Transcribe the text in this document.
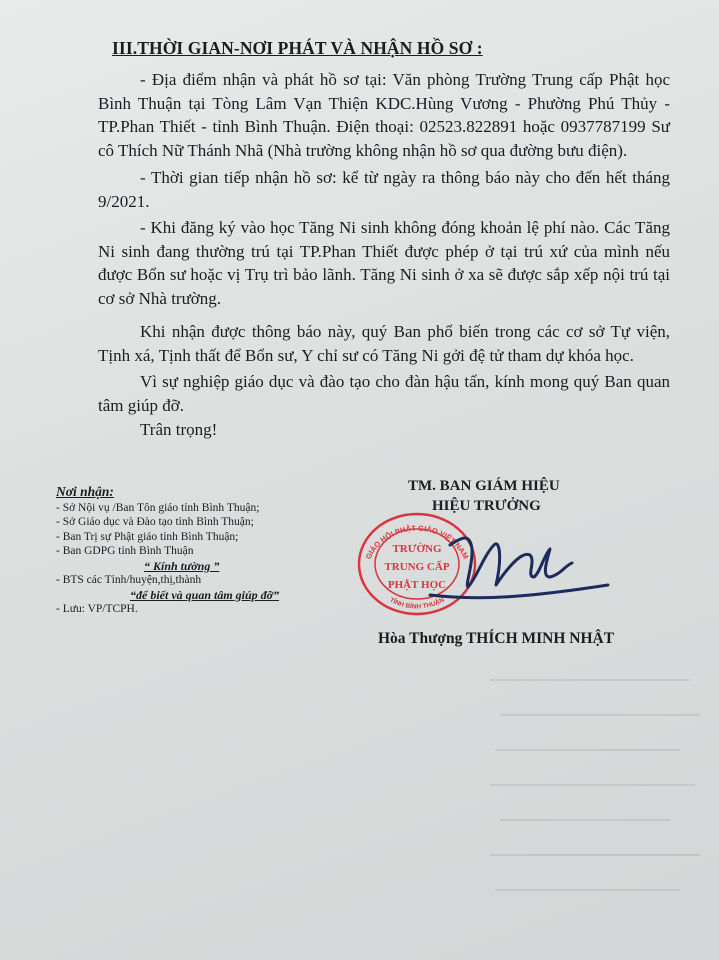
III.THỜI GIAN-NƠI PHÁT VÀ NHẬN HỒ SƠ :
- Địa điểm nhận và phát hồ sơ tại: Văn phòng Trường Trung cấp Phật học Bình Thuận tại Tòng Lâm Vạn Thiện KDC.Hùng Vương - Phường Phú Thủy - TP.Phan Thiết - tỉnh Bình Thuận. Điện thoại: 02523.822891 hoặc 0937787199 Sư cô Thích Nữ Thánh Nhã (Nhà trường không nhận hồ sơ qua đường bưu điện).
- Thời gian tiếp nhận hồ sơ: kể từ ngày ra thông báo này cho đến hết tháng 9/2021.
- Khi đăng ký vào học Tăng Ni sinh không đóng khoản lệ phí nào. Các Tăng Ni sinh đang thường trú tại TP.Phan Thiết được phép ở tại trú xứ của mình nếu được Bổn sư hoặc vị Trụ trì bảo lãnh. Tăng Ni sinh ở xa sẽ được sắp xếp nội trú tại cơ sở Nhà trường.
Khi nhận được thông báo này, quý Ban phổ biến trong các cơ sở Tự viện, Tịnh xá, Tịnh thất để Bổn sư, Y chỉ sư có Tăng Ni gởi đệ tử tham dự khóa học.
Vì sự nghiệp giáo dục và đào tạo cho đàn hậu tấn, kính mong quý Ban quan tâm giúp đỡ.
Trân trọng!
Nơi nhận:
- Sở Nội vụ /Ban Tôn giáo tỉnh Bình Thuận;
- Sở Giáo dục và Đào tạo tỉnh Bình Thuận;
- Ban Trị sự Phật giáo tỉnh Bình Thuận;
- Ban GDPG tỉnh Bình Thuận
“ Kính tường ”
- BTS các Tỉnh/huyện,thị,thành
“để biết và quan tâm giúp đỡ”
- Lưu: VP/TCPH.
TM. BAN GIÁM HIỆU
HIỆU TRƯỞNG
GIÁO HỘI PHẬT GIÁO VIỆT NAM
TỈNH BÌNH THUẬN
TRƯỜNG
TRUNG CẤP
PHẬT HỌC
Hòa Thượng THÍCH MINH NHẬT
